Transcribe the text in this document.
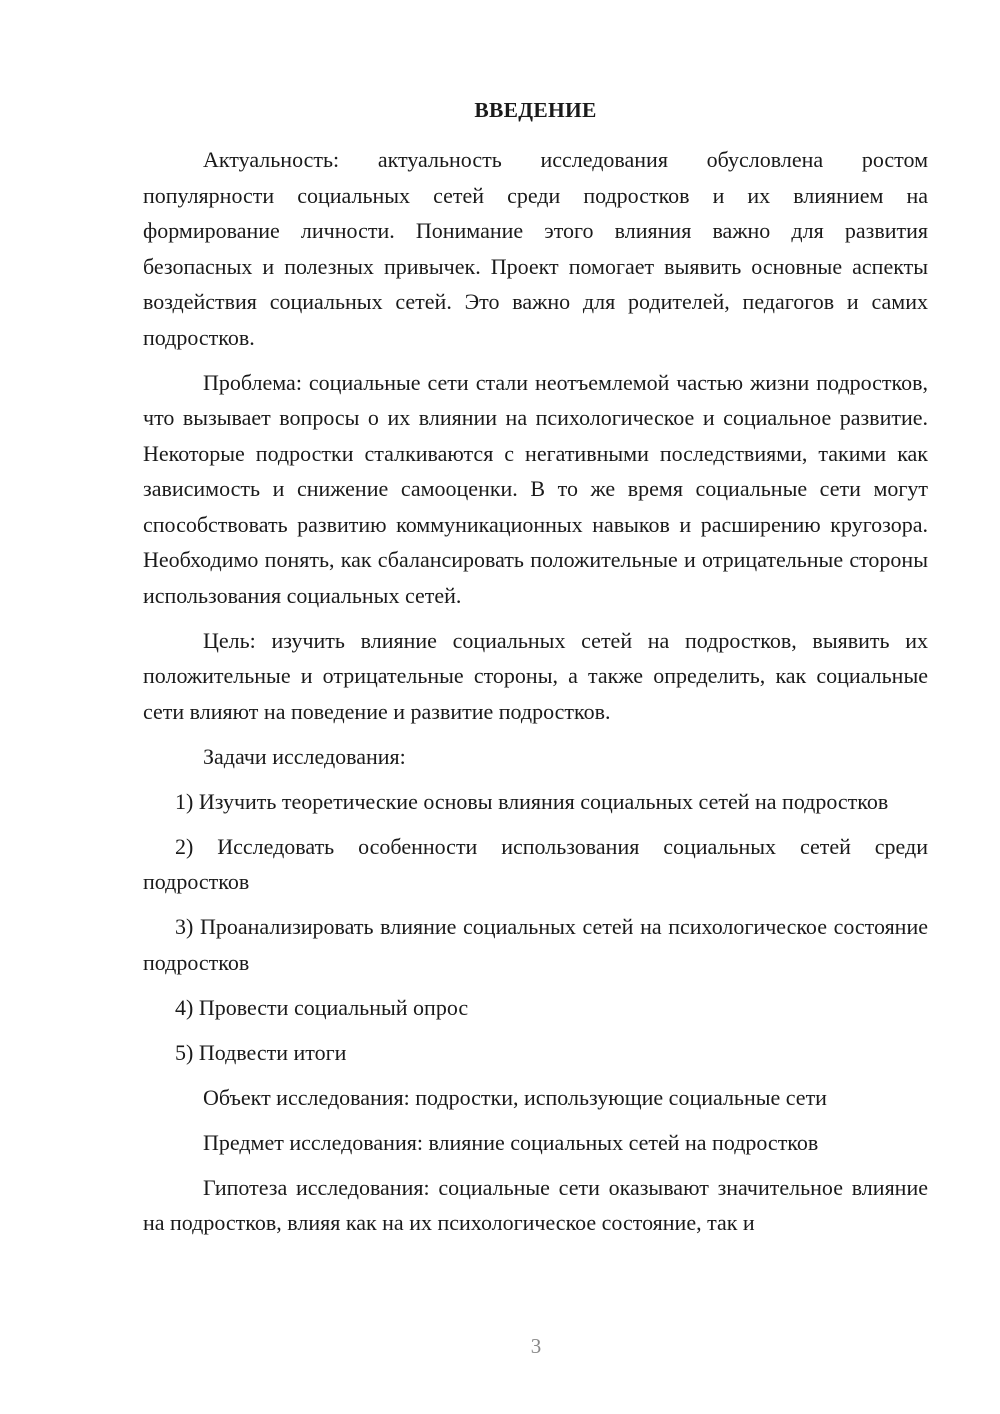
ВВЕДЕНИЕ

Актуальность: актуальность исследования обусловлена ростом популярности социальных сетей среди подростков и их влиянием на формирование личности. Понимание этого влияния важно для развития безопасных и полезных привычек. Проект помогает выявить основные аспекты воздействия социальных сетей. Это важно для родителей, педагогов и самих подростков.

Проблема: социальные сети стали неотъемлемой частью жизни подростков, что вызывает вопросы о их влиянии на психологическое и социальное развитие. Некоторые подростки сталкиваются с негативными последствиями, такими как зависимость и снижение самооценки. В то же время социальные сети могут способствовать развитию коммуникационных навыков и расширению кругозора. Необходимо понять, как сбалансировать положительные и отрицательные стороны использования социальных сетей.

Цель: изучить влияние социальных сетей на подростков, выявить их положительные и отрицательные стороны, а также определить, как социальные сети влияют на поведение и развитие подростков.

Задачи исследования:

1) Изучить теоретические основы влияния социальных сетей на подростков

2) Исследовать особенности использования социальных сетей среди подростков

3) Проанализировать влияние социальных сетей на психологическое состояние подростков

4) Провести социальный опрос

5) Подвести итоги

Объект исследования: подростки, использующие социальные сети

Предмет исследования: влияние социальных сетей на подростков

Гипотеза исследования: социальные сети оказывают значительное влияние на подростков, влияя как на их психологическое состояние, так и

3
